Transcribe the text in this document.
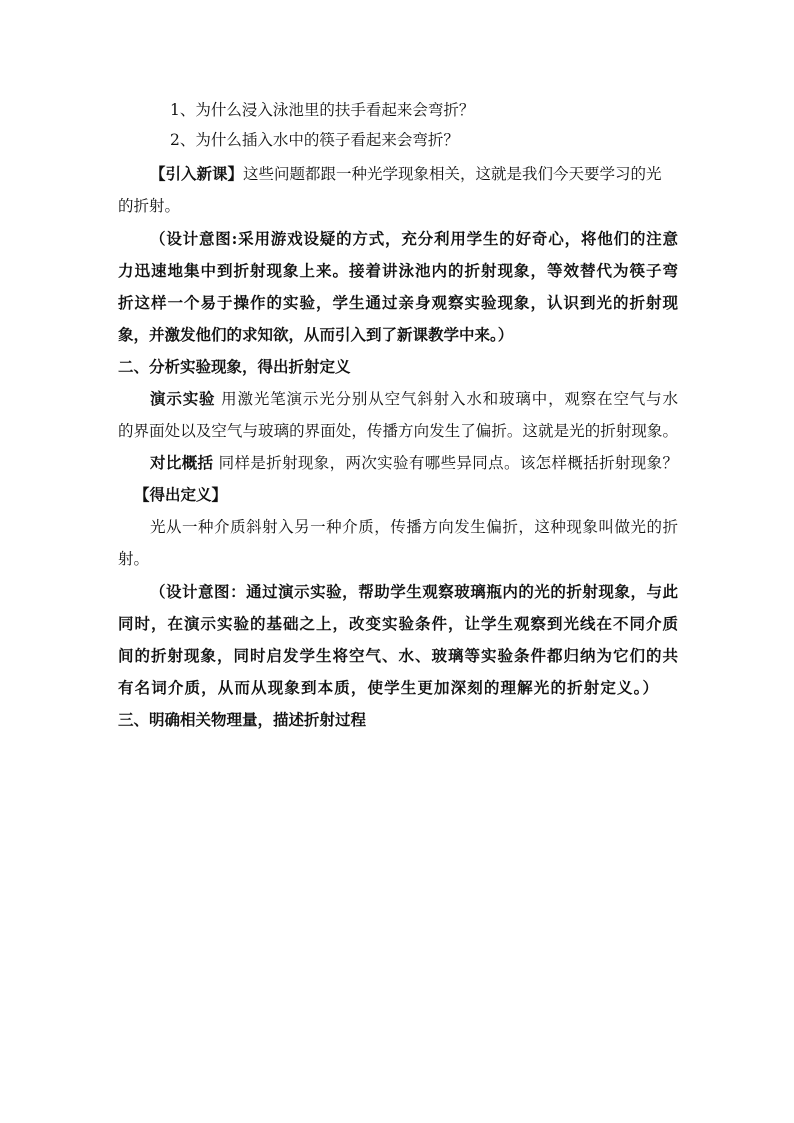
1、为什么浸入泳池里的扶手看起来会弯折？
2、为什么插入水中的筷子看起来会弯折？
【引入新课】这些问题都跟一种光学现象相关，这就是我们今天要学习的光
的折射。
（设计意图:采用游戏设疑的方式，充分利用学生的好奇心，将他们的注意
力迅速地集中到折射现象上来。接着讲泳池内的折射现象，等效替代为筷子弯
折这样一个易于操作的实验，学生通过亲身观察实验现象，认识到光的折射现
象，并激发他们的求知欲，从而引入到了新课教学中来。）
二、分析实验现象，得出折射定义
演示实验 用激光笔演示光分别从空气斜射入水和玻璃中，观察在空气与水
的界面处以及空气与玻璃的界面处，传播方向发生了偏折。这就是光的折射现象。
对比概括 同样是折射现象，两次实验有哪些异同点。该怎样概括折射现象？
【得出定义】
光从一种介质斜射入另一种介质，传播方向发生偏折，这种现象叫做光的折
射。
（设计意图：通过演示实验，帮助学生观察玻璃瓶内的光的折射现象，与此
同时，在演示实验的基础之上，改变实验条件，让学生观察到光线在不同介质
间的折射现象，同时启发学生将空气、水、玻璃等实验条件都归纳为它们的共
有名词介质，从而从现象到本质，使学生更加深刻的理解光的折射定义。）
三、明确相关物理量，描述折射过程
